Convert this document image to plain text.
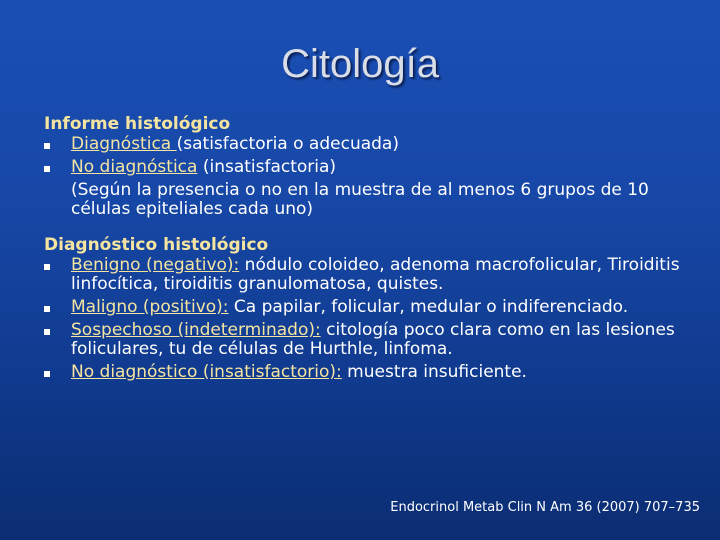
Citología
Informe histológico
Diagnóstica (satisfactoria o adecuada)
No diagnóstica (insatisfactoria)
(Según la presencia o no en la muestra de al menos 6 grupos de 10 células epiteliales cada uno)
Diagnóstico histológico
Benigno (negativo): nódulo coloideo, adenoma macrofolicular, Tiroiditis linfocítica, tiroiditis granulomatosa, quistes.
Maligno (positivo): Ca papilar, folicular, medular o indiferenciado.
Sospechoso (indeterminado): citología poco clara como en las lesiones foliculares, tu de células de Hurthle, linfoma.
No diagnóstico (insatisfactorio): muestra insuficiente.
Endocrinol Metab Clin N Am 36 (2007) 707–735
